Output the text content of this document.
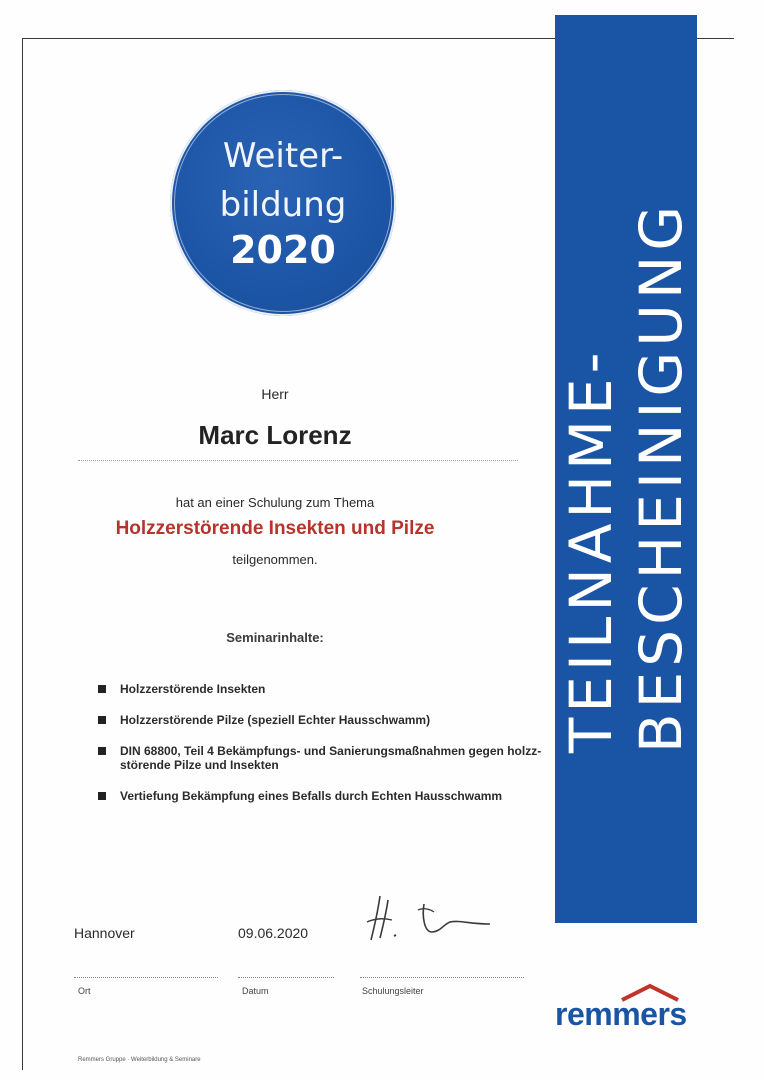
Weiter-
bildung
2020
TEILNAHME- BESCHEINIGUNG
Herr
Marc Lorenz
hat an einer Schulung zum Thema
Holzzerstörende Insekten und Pilze
teilgenommen.
Seminarinhalte:
Holzzerstörende Insekten
Holzzerstörende Pilze (speziell Echter Hausschwamm)
DIN 68800, Teil 4 Bekämpfungs- und Sanierungsmaßnahmen gegen holzz-
störende Pilze und Insekten
Vertiefung Bekämpfung eines Befalls durch Echten Hausschwamm
Hannover	09.06.2020
Ort	Datum	Schulungsleiter
remmers
Remmers Gruppe · Weiterbildung & Seminare
